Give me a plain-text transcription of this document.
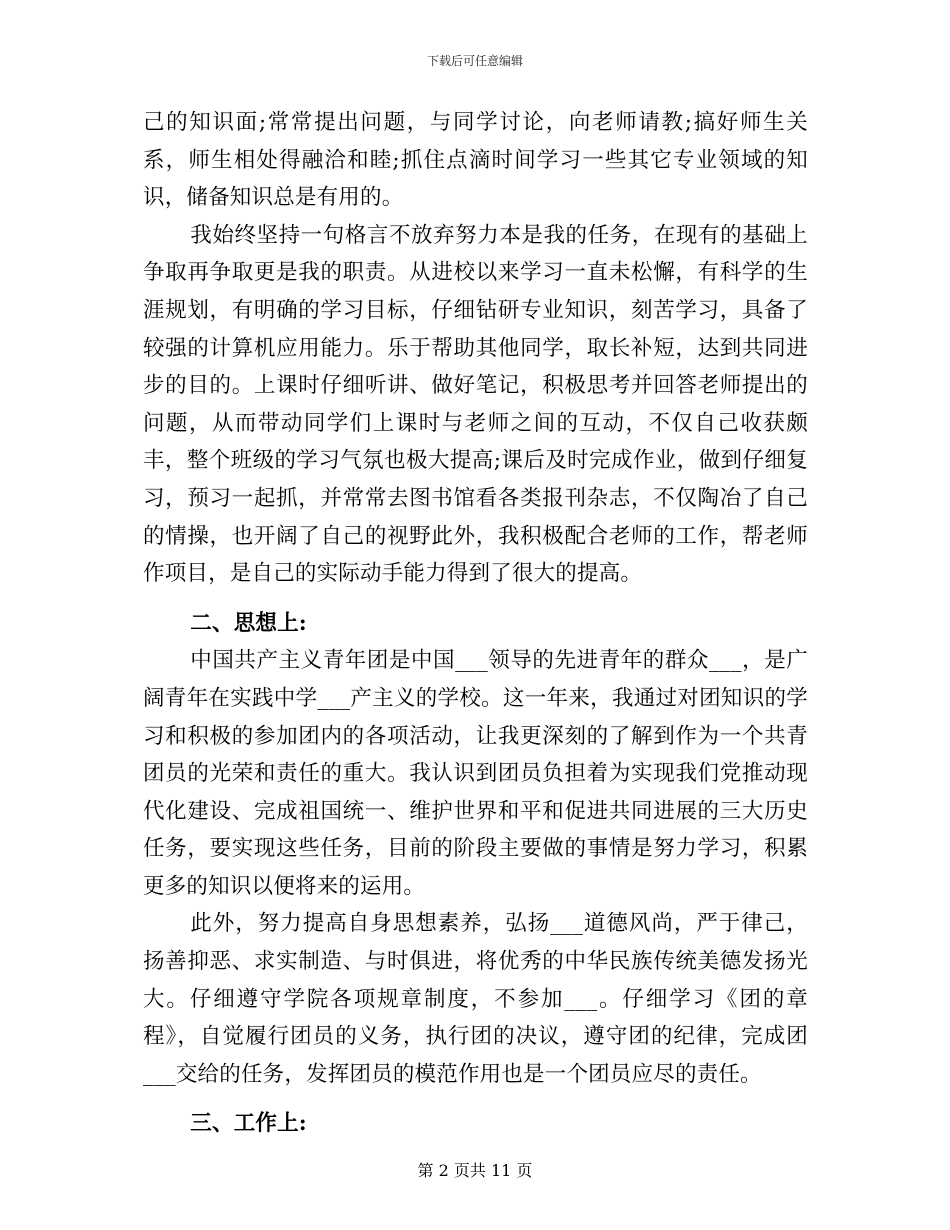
下载后可任意编辑

己的知识面;常常提出问题，与同学讨论，向老师请教;搞好师生关系，师生相处得融洽和睦;抓住点滴时间学习一些其它专业领域的知识，储备知识总是有用的。

我始终坚持一句格言不放弃努力本是我的任务，在现有的基础上争取再争取更是我的职责。从进校以来学习一直未松懈，有科学的生涯规划，有明确的学习目标，仔细钻研专业知识，刻苦学习，具备了较强的计算机应用能力。乐于帮助其他同学，取长补短，达到共同进步的目的。上课时仔细听讲、做好笔记，积极思考并回答老师提出的问题，从而带动同学们上课时与老师之间的互动，不仅自己收获颇丰，整个班级的学习气氛也极大提高;课后及时完成作业，做到仔细复习，预习一起抓，并常常去图书馆看各类报刊杂志，不仅陶冶了自己的情操，也开阔了自己的视野此外，我积极配合老师的工作，帮老师作项目，是自己的实际动手能力得到了很大的提高。

二、思想上:

中国共产主义青年团是中国___领导的先进青年的群众___，是广阔青年在实践中学___产主义的学校。这一年来，我通过对团知识的学习和积极的参加团内的各项活动，让我更深刻的了解到作为一个共青团员的光荣和责任的重大。我认识到团员负担着为实现我们党推动现代化建设、完成祖国统一、维护世界和平和促进共同进展的三大历史任务，要实现这些任务，目前的阶段主要做的事情是努力学习，积累更多的知识以便将来的运用。

此外，努力提高自身思想素养，弘扬___道德风尚，严于律己，扬善抑恶、求实制造、与时俱进，将优秀的中华民族传统美德发扬光大。仔细遵守学院各项规章制度，不参加___。仔细学习《团的章程》，自觉履行团员的义务，执行团的决议，遵守团的纪律，完成团___交给的任务，发挥团员的模范作用也是一个团员应尽的责任。

三、工作上:

第 2 页共 11 页
